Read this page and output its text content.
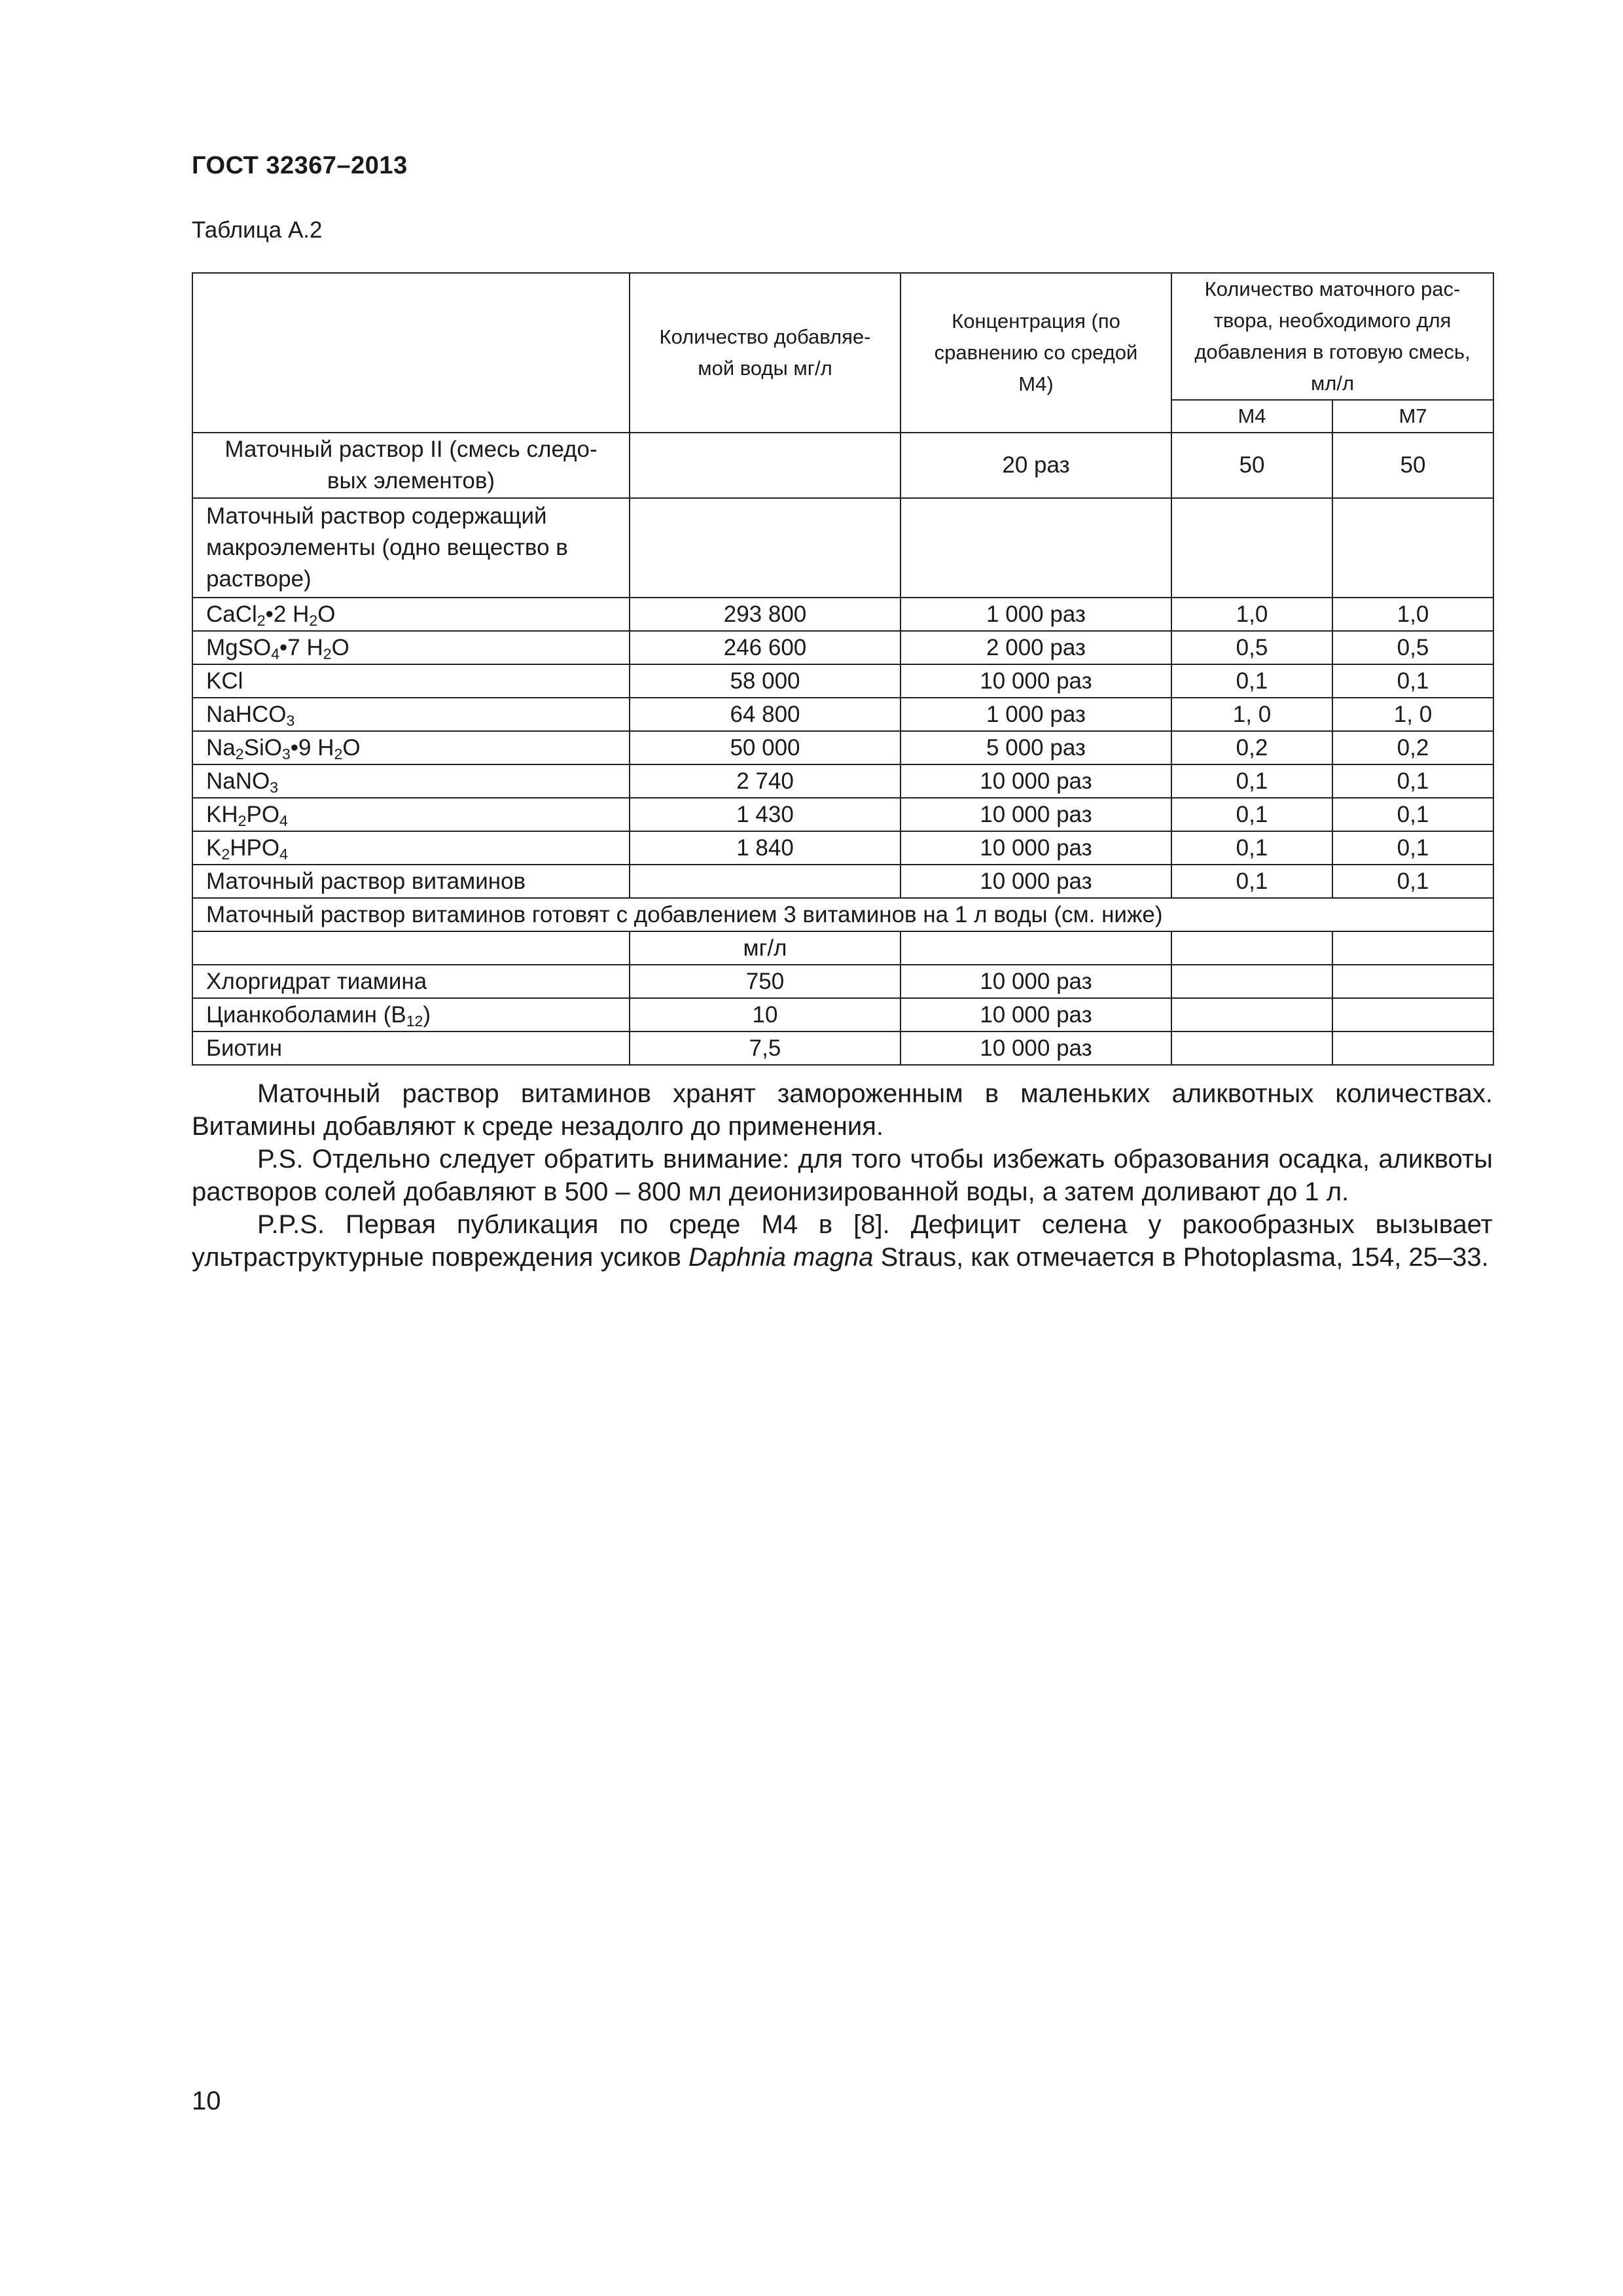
ГОСТ 32367–2013
Таблица А.2
	Количество добавляе-мой воды мг/л	Концентрация (по сравнению со средой М4)	Количество маточного рас-твора, необходимого для добавления в готовую смесь, мл/л	
			М4	М7
Маточный раствор II (смесь следо-вых элементов)		20 раз	50	50
Маточный раствор содержащий макроэлементы (одно вещество в растворе)				
CaCl$_2$•2 $H_2O$	293 800	1 000 раз	1,0	1,0
MgSO$_4$•7 $H_2O$	246 600	2 000 раз	0,5	0,5
KCl	58 000	10 000 раз	0,1	0,1
NaHCO$_3$	64 800	1 000 раз	1, 0	1, 0
$Na_2SiO_3•9$ $H_2O$	50 000	5 000 раз	0,2	0,2
NaNO$_3$	2 740	10 000 раз	0,1	0,1
$KH_2PO_4$	1 430	10 000 раз	0,1	0,1
$K_2HPO_4$	1 840	10 000 раз	0,1	0,1
Маточный раствор витаминов		10 000 раз	0,1	0,1
Маточный раствор витаминов готовят с добавлением 3 витаминов на 1 л воды (см. ниже)				
	мг/л			
Хлоргидрат тиамина	750	10 000 раз		
Цианкоболамин $(B_{12})$	10	10 000 раз		
Биотин	7,5	10 000 раз		

Маточный раствор витаминов хранят замороженным в маленьких аликвотных количествах. Витамины добавляют к среде незадолго до применения.

P.S. Отдельно следует обратить внимание: для того чтобы избежать образования осадка, аликвоты растворов солей добавляют в 500 – 800 мл деионизированной воды, а затем доливают до 1 л.

P.P.S. Первая публикация по среде М4 в [8]. Дефицит селена у ракообразных вызывает ультраструктурные повреждения усиков Daphnia magna Straus, как отмечается в Photoplasma, 154, 25–33.

10
